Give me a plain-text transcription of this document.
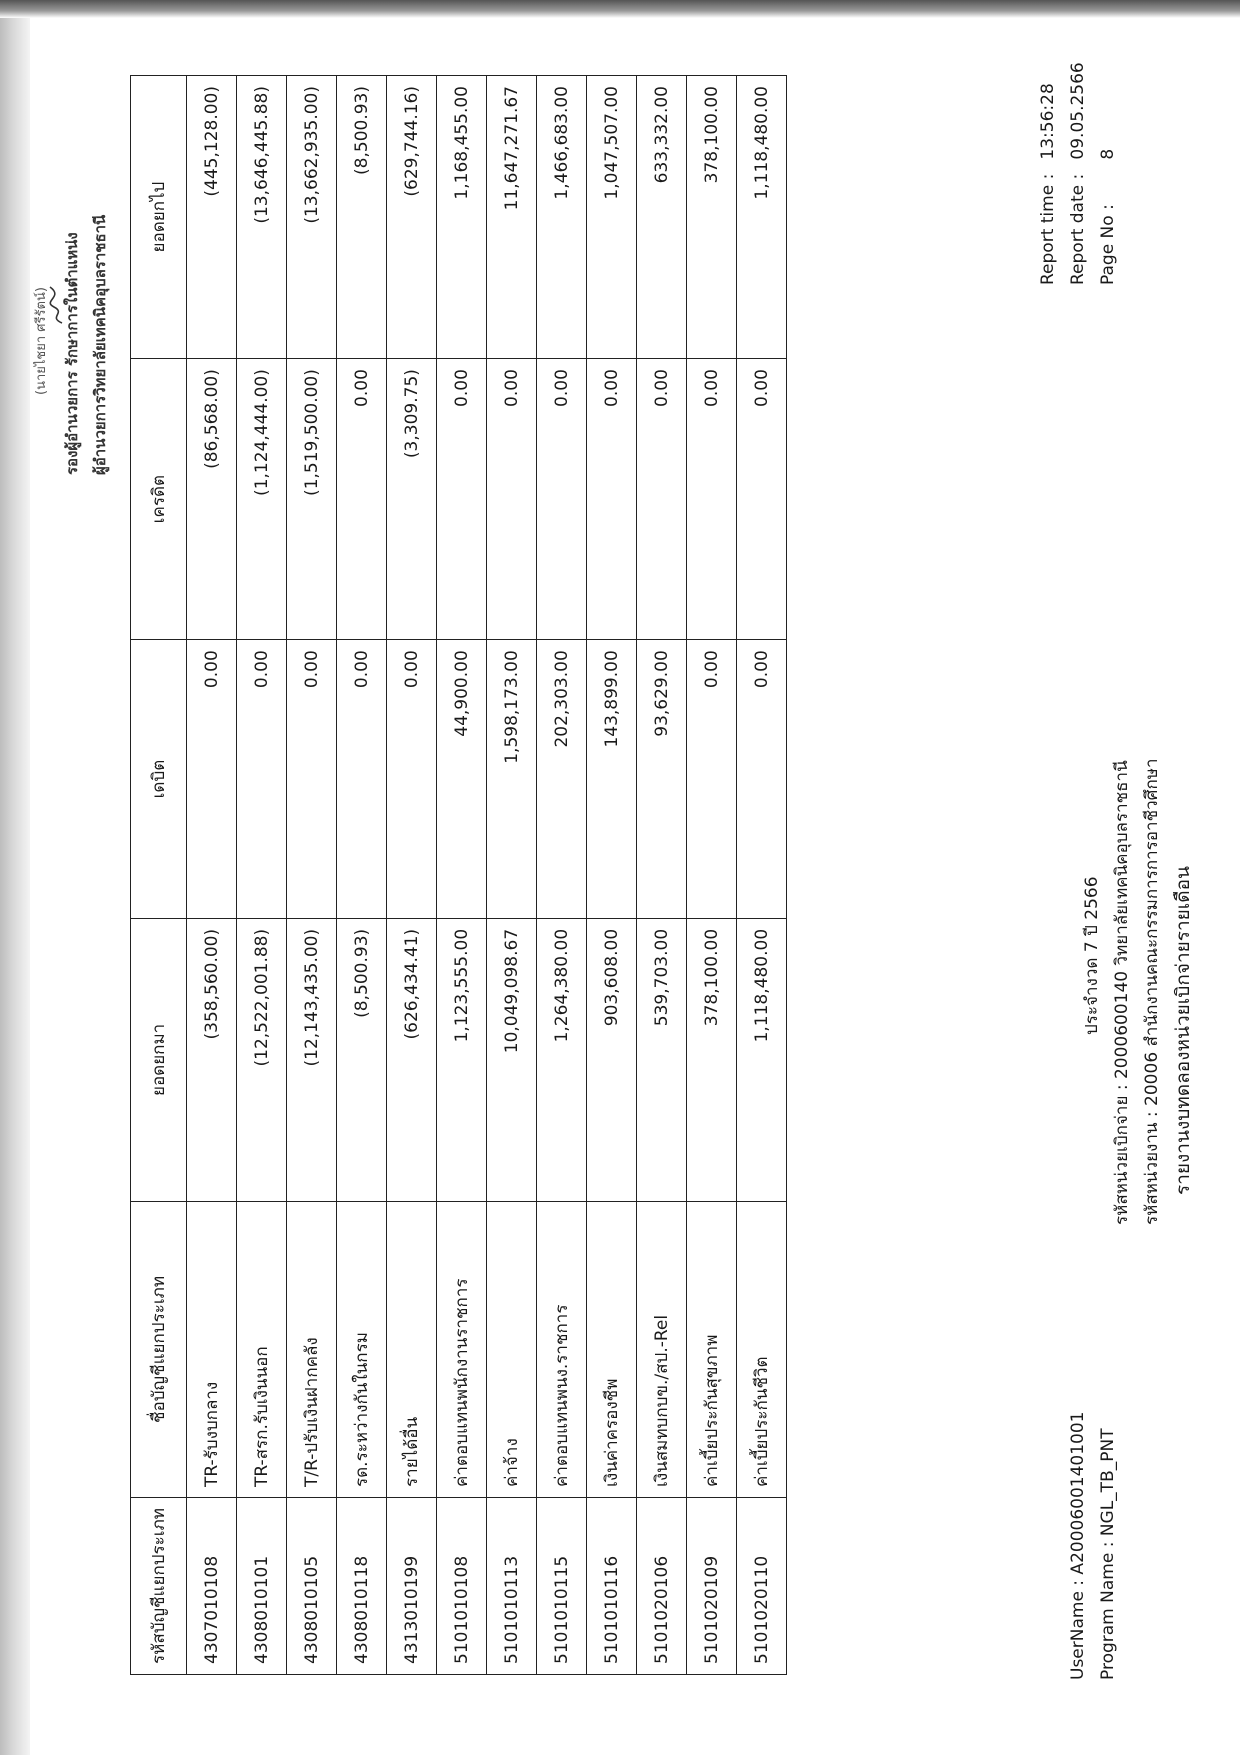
Program Name : NGL_TB_PNT
UserName : A20006001401001
รายงานงบทดลองหน่วยเบิกจ่ายรายเดือน
รหัสหน่วยงาน : 20006 สำนักงานคณะกรรมการการอาชีวศึกษา
รหัสหน่วยเบิกจ่าย : 2000600140 วิทยาลัยเทคนิคอุบลราชธานี
ประจำงวด 7 ปี 2566
Page No : 8
Report date : 09.05.2566
Report time : 13:56:28
รหัสบัญชีแยกประเภท	ชื่อบัญชีแยกประเภท	ยอดยกมา	เดบิต	เครดิต	ยอดยกไป
4307010108	TR-รับงบกลาง	(358,560.00)	0.00	(86,568.00)	(445,128.00)
4308010101	TR-สรก.รับเงินนอก	(12,522,001.88)	0.00	(1,124,444.00)	(13,646,445.88)
4308010105	T/R-ปรับเงินฝากคลัง	(12,143,435.00)	0.00	(1,519,500.00)	(13,662,935.00)
4308010118	รด.ระหว่างกันในกรม	(8,500.93)	0.00	0.00	(8,500.93)
4313010199	รายได้อื่น	(626,434.41)	0.00	(3,309.75)	(629,744.16)
5101010108	ค่าตอบแทนพนักงานราชการ	1,123,555.00	44,900.00	0.00	1,168,455.00
5101010113	ค่าจ้าง	10,049,098.67	1,598,173.00	0.00	11,647,271.67
5101010115	ค่าตอบแทนพนง.ราชการ	1,264,380.00	202,303.00	0.00	1,466,683.00
5101010116	เงินค่าครองชีพ	903,608.00	143,899.00	0.00	1,047,507.00
5101020106	เงินสมทบกบข./สป.-Rel	539,703.00	93,629.00	0.00	633,332.00
5101020109	ค่าเบี้ยประกันสุขภาพ	378,100.00	0.00	0.00	378,100.00
5101020110	ค่าเบี้ยประกันชีวิต	1,118,480.00	0.00	0.00	1,118,480.00
(นายไชยา ศรีรัตน์) รองผู้อำนวยการ รักษาการในตำแหน่ง ผู้อำนวยการวิทยาลัยเทคนิคอุบลราชธานี
